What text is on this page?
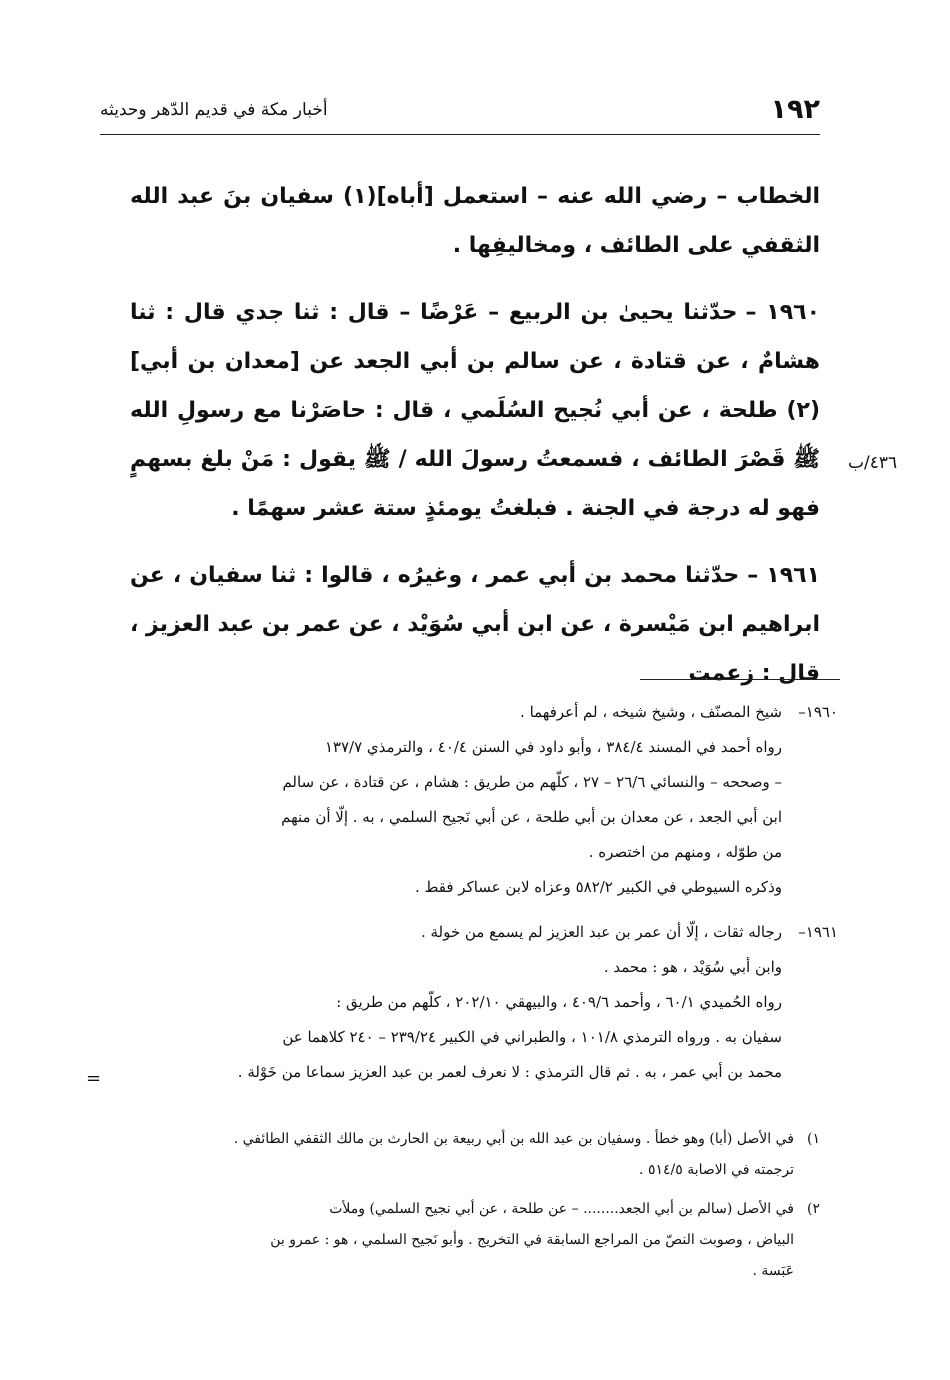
١٩٢
أخبار مكة في قديم الدّهر وحديثه

الخطاب – رضي الله عنه – استعمل [أباه](١) سفيان بنَ عبد الله الثقفي على الطائف ، ومخاليفِها .

١٩٦٠ –حدّثنا يحيىٰ بن الربيع – عَرْضًا – قال : ثنا جدي قال : ثنا هشامٌ ، عن قتادة ، عن سالم بن أبي الجعد عن [معدان بن أبي](٢) طلحة ، عن أبي نُجيح السُلَمي ، قال : حاصَرْنا مع رسولِ الله ﷺ قَصْرَ الطائف ، فسمعتُ رسولَ الله / ﷺ يقول : مَنْ بلغ بسهمٍ فهو له درجة في الجنة . فبلغتُ يومئذٍ ستة عشر سهمًا .

١٩٦١ –حدّثنا محمد بن أبي عمر ، وغيرُه ، قالوا : ثنا سفيان ، عن ابراهيم ابن مَيْسرة ، عن ابن أبي سُوَيْد ، عن عمر بن عبد العزيز ، قال : زعمت

٤٣٦/ب
١٩٦٠–
شيخ المصنّف ، وشيخ شيخه ، لم أعرفهما .
رواه أحمد في المسند ٣٨٤/٤ ، وأبو داود في السنن ٤٠/٤ ، والترمذي ١٣٧/٧
– وصححه – والنسائي ٢٦/٦ – ٢٧ ، كلّهم من طريق : هشام ، عن قتادة ، عن سالم
ابن أبي الجعد ، عن معدان بن أبي طلحة ، عن أبي نَجيح السلمي ، به . إلّا أن منهم
من طوّله ، ومنهم من اختصره .
وذكره السيوطي في الكبير ٥٨٢/٢ وعزاه لابن عساكر فقط .
١٩٦١–
رجاله ثقات ، إلّا أن عمر بن عبد العزيز لم يسمع من خولة .
وابن أبي سُوَيْد ، هو : محمد .
رواه الحُميدي ٦٠/١ ، وأحمد ٤٠٩/٦ ، والبيهقي ٢٠٢/١٠ ، كلّهم من طريق :
سفيان به . ورواه الترمذي ١٠١/٨ ، والطبراني في الكبير ٢٣٩/٢٤ – ٢٤٠ كلاهما عن
محمد بن أبي عمر ، به . ثم قال الترمذي : لا نعرف لعمر بن عبد العزيز سماعا من خَوْلة .
=
١)
في الأصل (أبا) وهو خطأ . وسفيان بن عبد الله بن أبي ربيعة بن الحارث بن مالك الثقفي الطائفي .
ترجمته في الاصابة ٥١٤/٥ .
٢)
في الأصل (سالم بن أبي الجعد........ – عن طلحة ، عن أبي نجيح السلمي) وملأت
البياض ، وصوبت النصّ من المراجع السابقة في التخريج . وأبو نَجيح السلمي ، هو : عمرو بن
عَبَسة .
